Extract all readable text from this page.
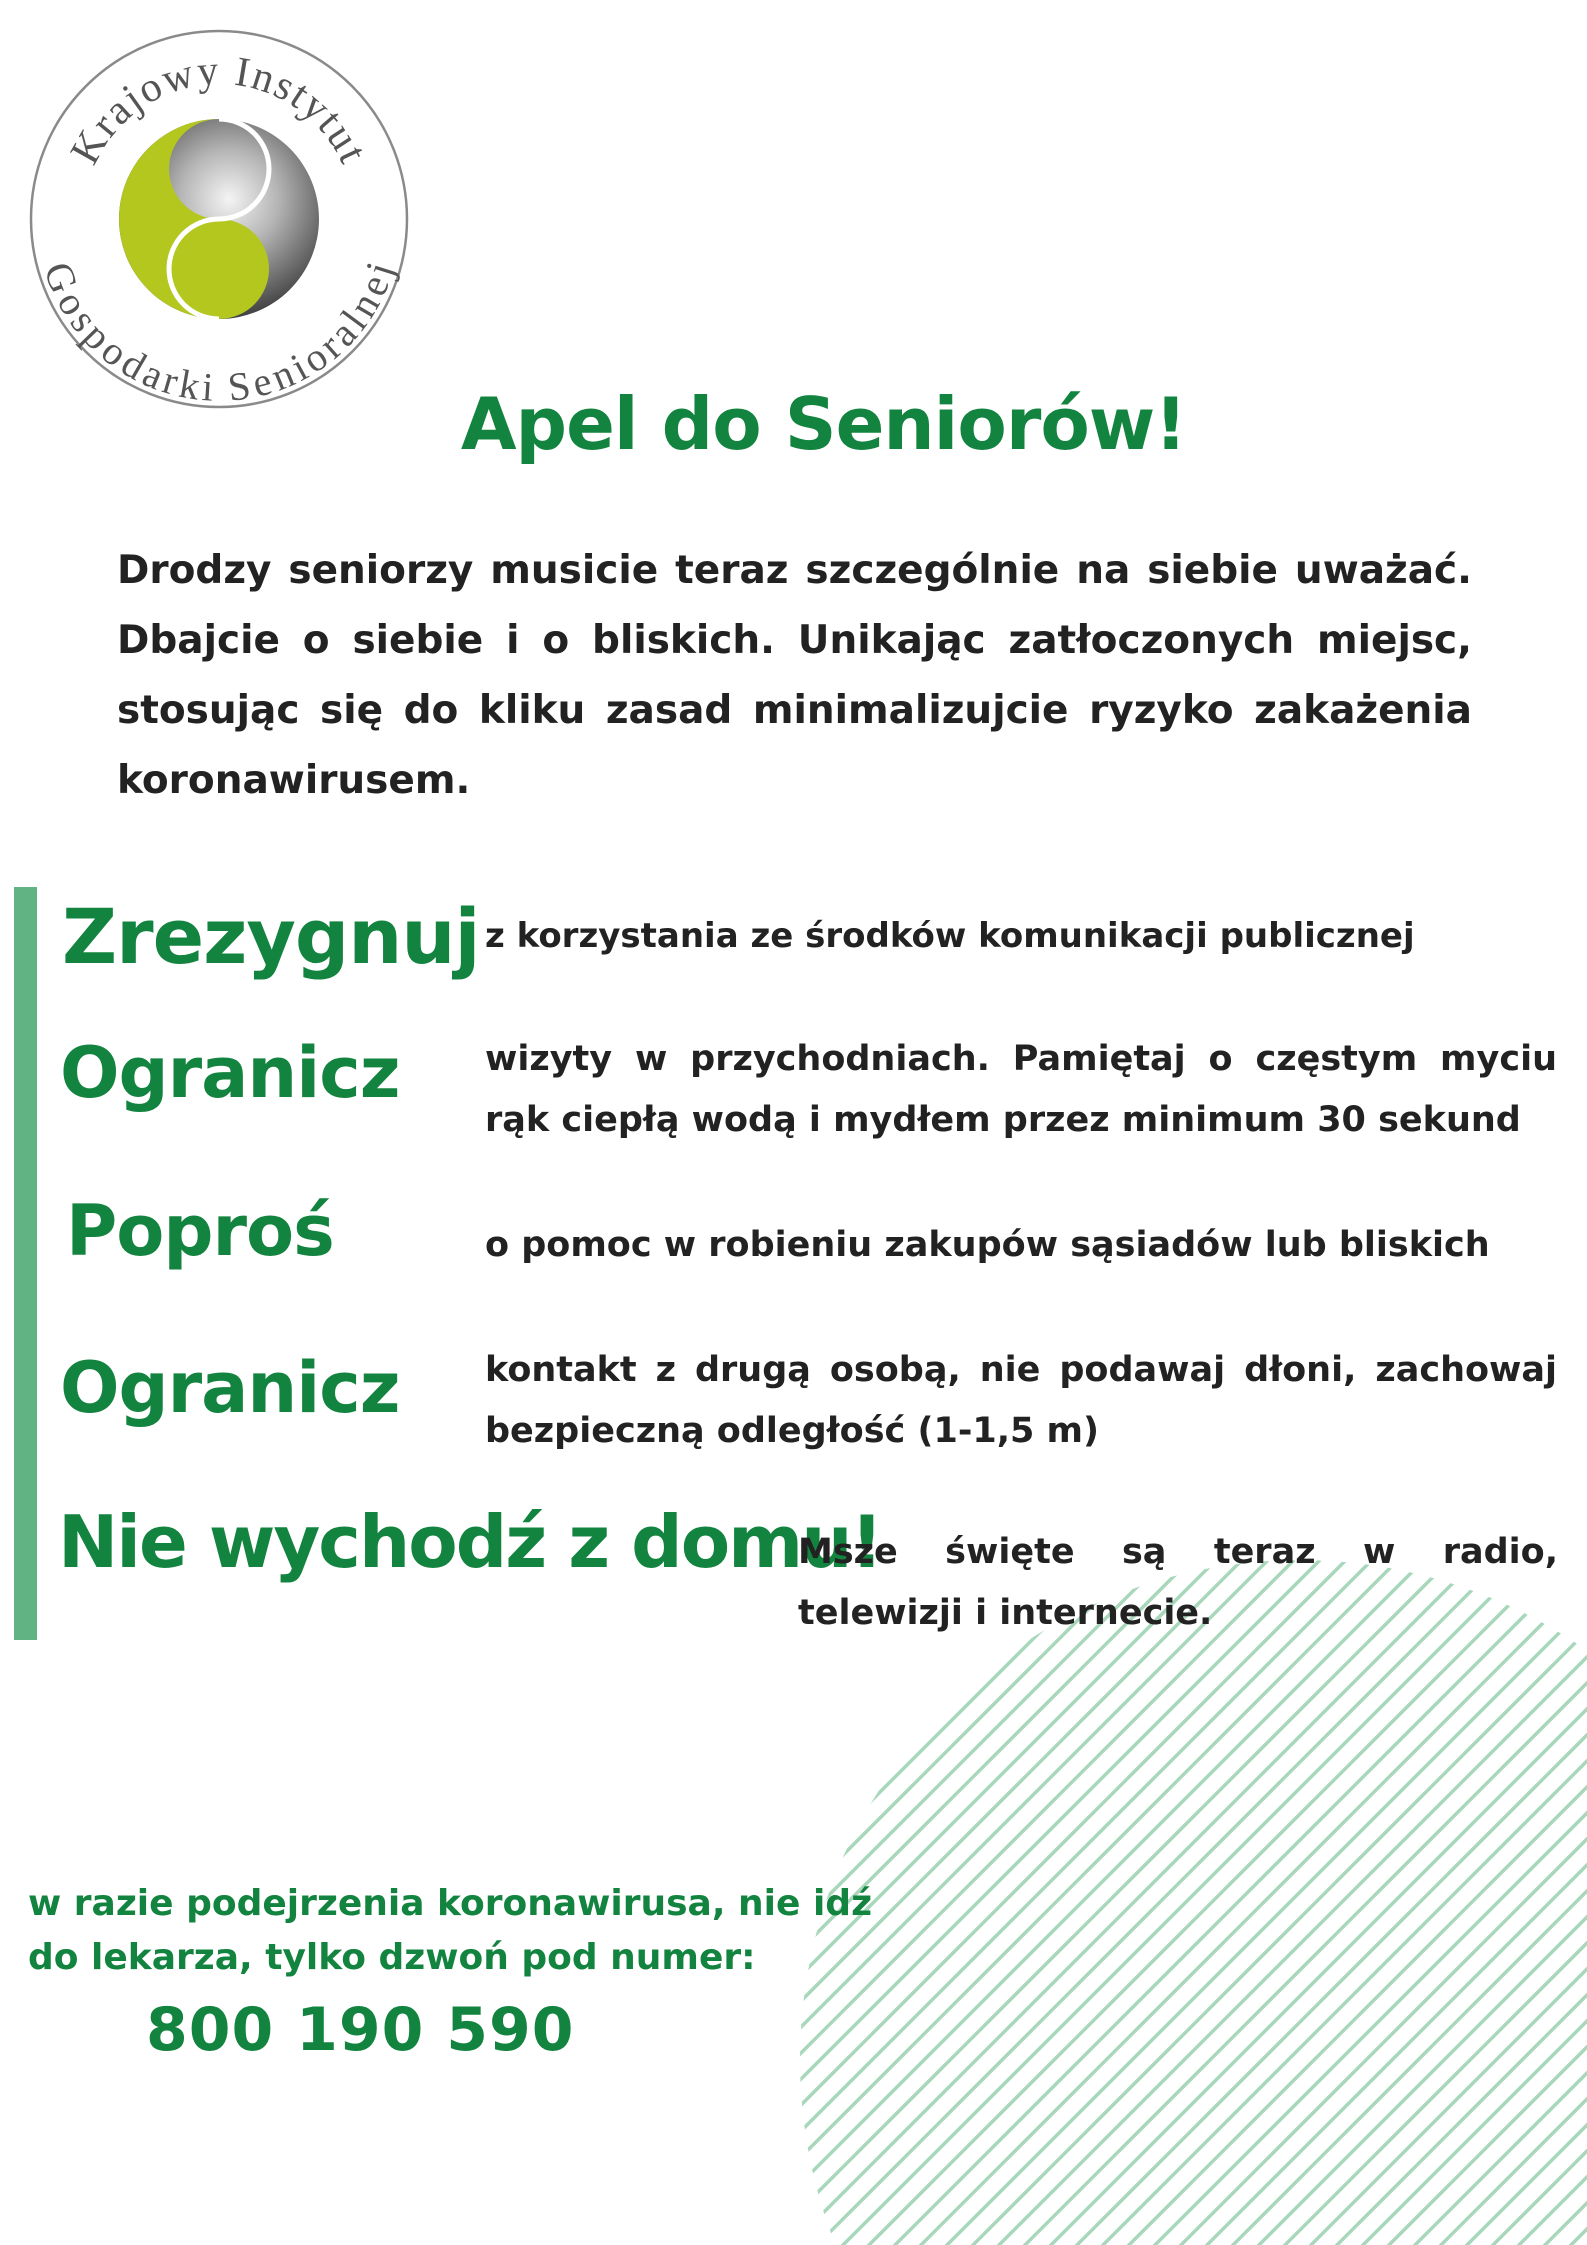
Krajowy Instytut
Gospodarki Senioralnej
Apel do Seniorów!
Drodzy seniorzy musicie teraz szczególnie na siebie uważać. Dbajcie o siebie i o bliskich. Unikając zatłoczonych miejsc, stosując się do kliku zasad minimalizujcie ryzyko zakażenia koronawirusem.
Zrezygnuj z korzystania ze środków komunikacji publicznej
Ogranicz wizyty w przychodniach. Pamiętaj o częstym myciu rąk ciepłą wodą i mydłem przez minimum 30 sekund
Poproś	o pomoc w robieniu zakupów sąsiadów lub bliskich
Ogranicz kontakt z drugą osobą, nie podawaj dłoni, zachowaj bezpieczną odległość (1-1,5 m)
Nie wychodź z domu!
Msze święte są teraz w radio, telewizji i internecie.
w razie podejrzenia koronawirusa, nie idź do lekarza, tylko dzwoń pod numer:
800 190 590
